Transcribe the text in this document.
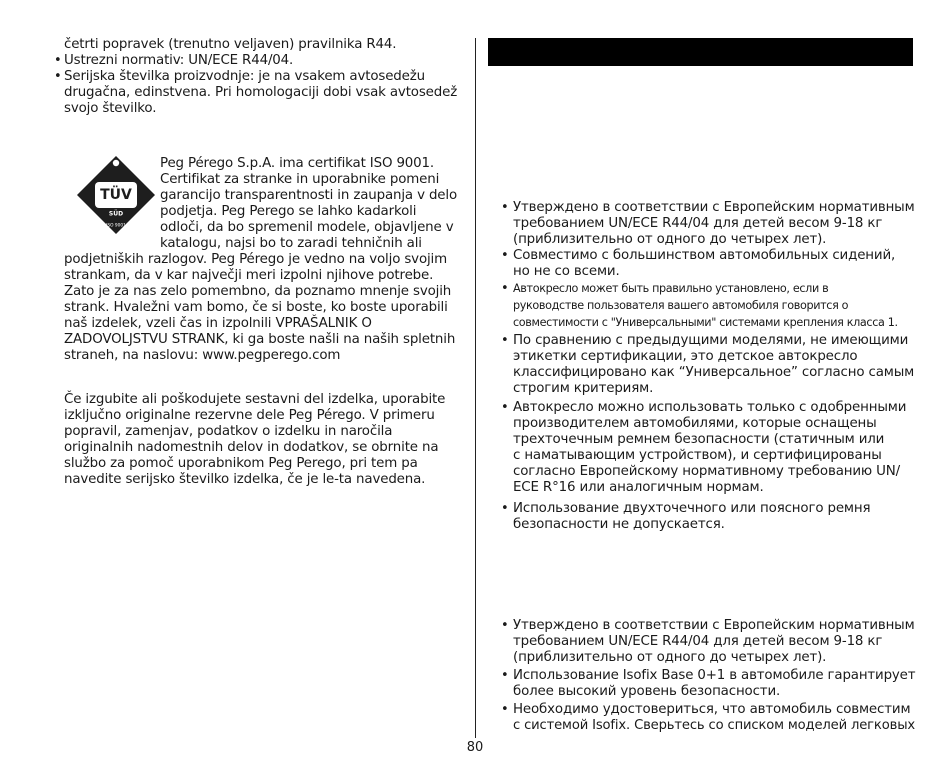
četrti popravek (trenutno veljaven) pravilnika R44.
• Ustrezni normativ: UN/ECE R44/04.
• Serijska številka proizvodnje: je na vsakem avtosedežu
drugačna, edinstvena. Pri homologaciji dobi vsak avtosedež
svojo številko.
TÜV
SÜD
ISO 9001
Peg Pérego S.p.A. ima certifikat ISO 9001.
Certifikat za stranke in uporabnike pomeni
garancijo transparentnosti in zaupanja v delo
podjetja. Peg Perego se lahko kadarkoli
odloči, da bo spremenil modele, objavljene v
katalogu, najsi bo to zaradi tehničnih ali
podjetniških razlogov. Peg Pérego je vedno na voljo svojim
strankam, da v kar največji meri izpolni njihove potrebe.
Zato je za nas zelo pomembno, da poznamo mnenje svojih
strank. Hvaležni vam bomo, če si boste, ko boste uporabili
naš izdelek, vzeli čas in izpolnili VPRAŠALNIK O
ZADOVOLJSTVU STRANK, ki ga boste našli na naših spletnih
straneh, na naslovu: www.pegperego.com
Če izgubite ali poškodujete sestavni del izdelka, uporabite
izključno originalne rezervne dele Peg Pérego. V primeru
popravil, zamenjav, podatkov o izdelku in naročila
originalnih nadomestnih delov in dodatkov, se obrnite na
službo za pomoč uporabnikom Peg Perego, pri tem pa
navedite serijsko številko izdelka, če je le-ta navedena.
• Утверждено в соответствии с Европейским нормативным
требованием UN/ECE R44/04 для детей весом 9-18 кг
(приблизительно от одного до четырех лет).
• Совместимо с большинством автомобильных сидений,
но не со всеми.
• Автокресло может быть правильно установлено, если в
руководстве пользователя вашего автомобиля говорится о
совместимости с "Универсальными" системами крепления класса 1.
• По сравнению с предыдущими моделями, не имеющими
этикетки сертификации, это детское автокресло
классифицировано как “Универсальное” согласно самым
строгим критериям.
• Автокресло можно использовать только с одобренными
производителем автомобилями, которые оснащены
трехточечным ремнем безопасности (статичным или
с наматывающим устройством), и сертифицированы
согласно Европейскому нормативному требованию UN/
ECE R°16 или аналогичным нормам.
• Использование двухточечного или поясного ремня
безопасности не допускается.
• Утверждено в соответствии с Европейским нормативным
требованием UN/ECE R44/04 для детей весом 9-18 кг
(приблизительно от одного до четырех лет).
• Использование Isofix Base 0+1 в автомобиле гарантирует
более высокий уровень безопасности.
• Необходимо удостовериться, что автомобиль совместим
с системой Isofix. Сверьтесь со списком моделей легковых
80
